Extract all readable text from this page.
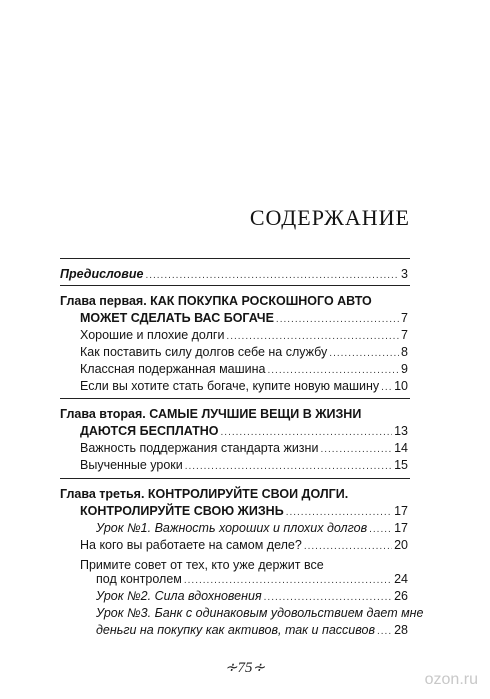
СОДЕРЖАНИЕ
Предисловие .....	3
Глава первая. КАК ПОКУПКА РОСКОШНОГО АВТО
МОЖЕТ СДЕЛАТЬ ВАС БОГАЧЕ .....	7
Хорошие и плохие долги .....	7
Как поставить силу долгов себе на службу .....	8
Классная подержанная машина .....	9
Если вы хотите стать богаче, купите новую машину ..... 10
Глава вторая. САМЫЕ ЛУЧШИЕ ВЕЩИ В ЖИЗНИ
ДАЮТСЯ БЕСПЛАТНО .....	13
Важность поддержания стандарта жизни .....	14
Выученные уроки .....	15
Глава третья. КОНТРОЛИРУЙТЕ СВОИ ДОЛГИ.
КОНТРОЛИРУЙТЕ СВОЮ ЖИЗНЬ .....	17
Урок №1. Важность хороших и плохих долгов ..... 17
На кого вы работаете на самом деле? .....	20
Примите совет от тех, кто уже держит все
под контролем .....	24
Урок №2. Сила вдохновения .....	26
Урок №3. Банк с одинаковым удовольствием дает мне
деньги на покупку как активов, так и пассивов ..... 28
∻75∻
ozon.ru
